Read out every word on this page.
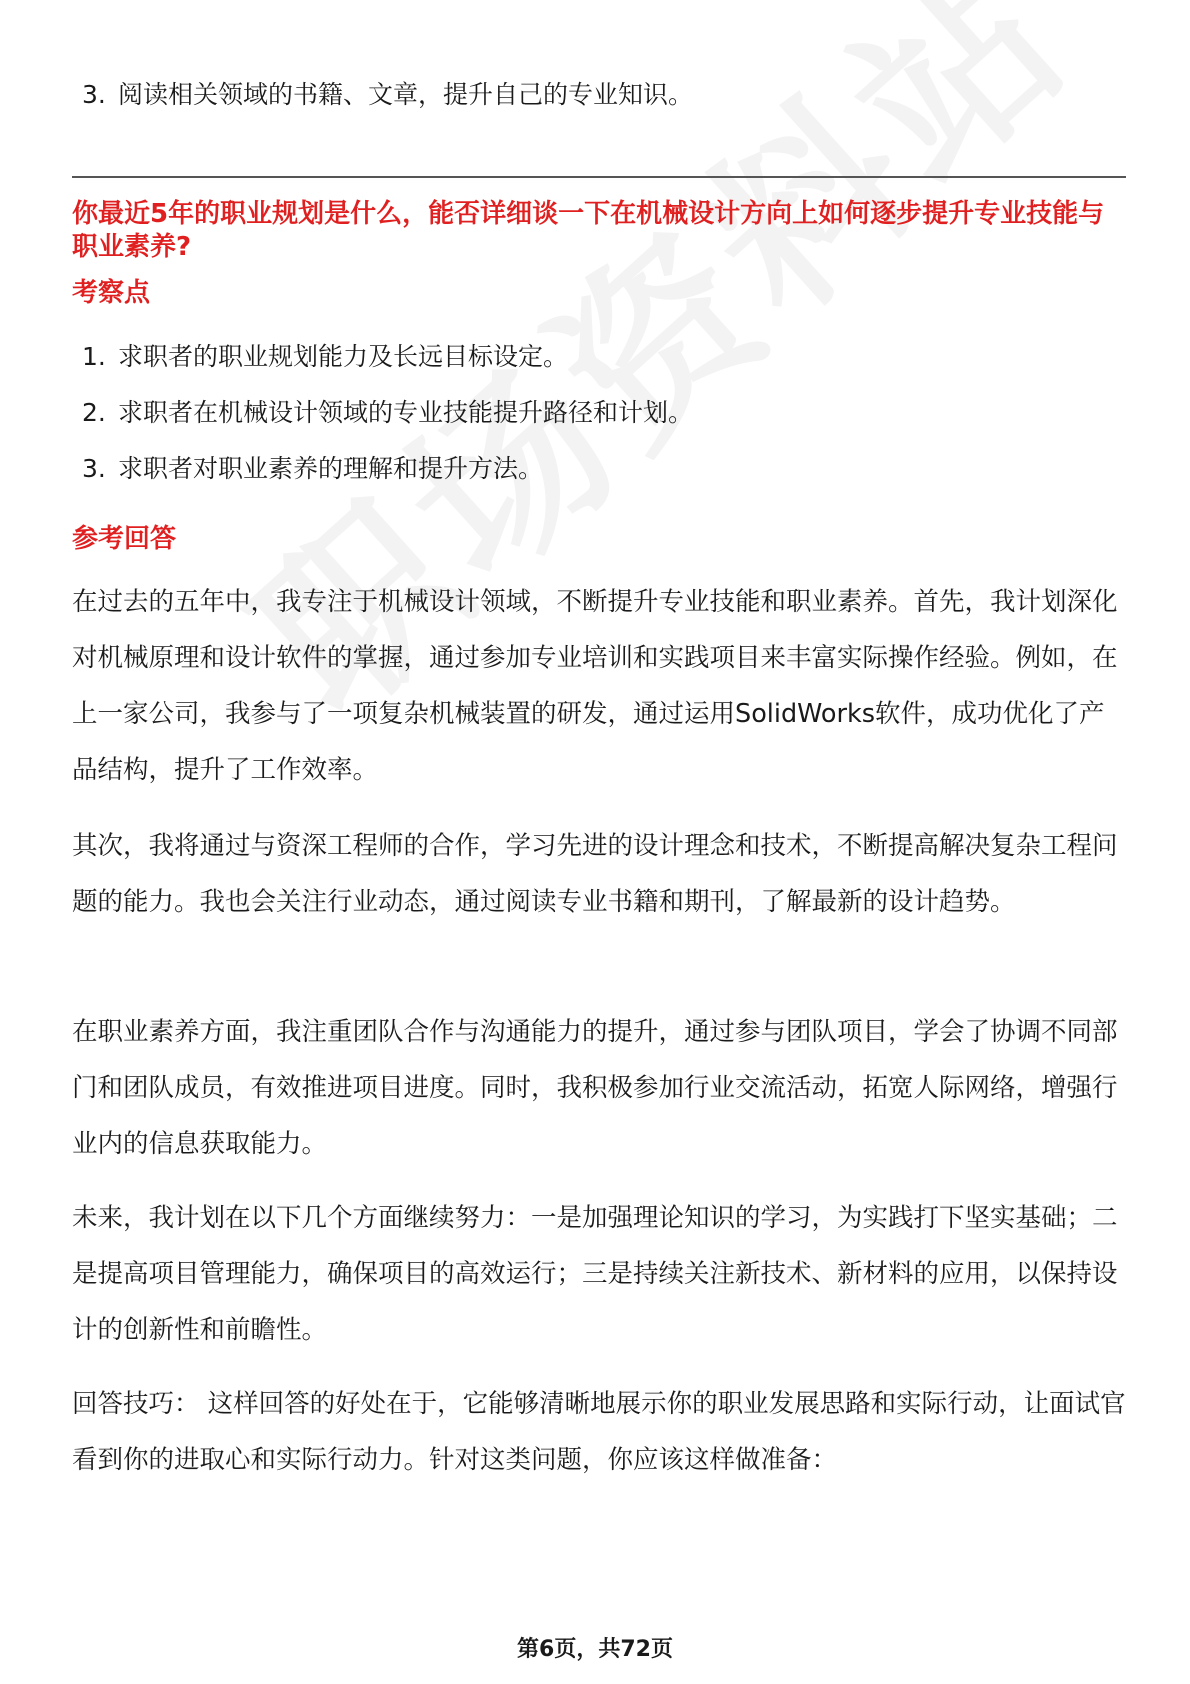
3. 阅读相关领域的书籍、文章，提升自己的专业知识。
你最近5年的职业规划是什么，能否详细谈一下在机械设计方向上如何逐步提升专业技能与职业素养?
考察点
1. 求职者的职业规划能力及长远目标设定。
2. 求职者在机械设计领域的专业技能提升路径和计划。
3. 求职者对职业素养的理解和提升方法。
参考回答

在过去的五年中，我专注于机械设计领域，不断提升专业技能和职业素养。首先，我计划深化对机械原理和设计软件的掌握，通过参加专业培训和实践项目来丰富实际操作经验。例如，在上一家公司，我参与了一项复杂机械装置的研发，通过运用SolidWorks软件，成功优化了产品结构，提升了工作效率。

其次，我将通过与资深工程师的合作，学习先进的设计理念和技术，不断提高解决复杂工程问题的能力。我也会关注行业动态，通过阅读专业书籍和期刊，了解最新的设计趋势。

在职业素养方面，我注重团队合作与沟通能力的提升，通过参与团队项目，学会了协调不同部门和团队成员，有效推进项目进度。同时，我积极参加行业交流活动，拓宽人际网络，增强行业内的信息获取能力。

未来，我计划在以下几个方面继续努力：一是加强理论知识的学习，为实践打下坚实基础；二是提高项目管理能力，确保项目的高效运行；三是持续关注新技术、新材料的应用，以保持设计的创新性和前瞻性。

回答技巧： 这样回答的好处在于，它能够清晰地展示你的职业发展思路和实际行动，让面试官看到你的进取心和实际行动力。针对这类问题，你应该这样做准备：

第6页，共72页
